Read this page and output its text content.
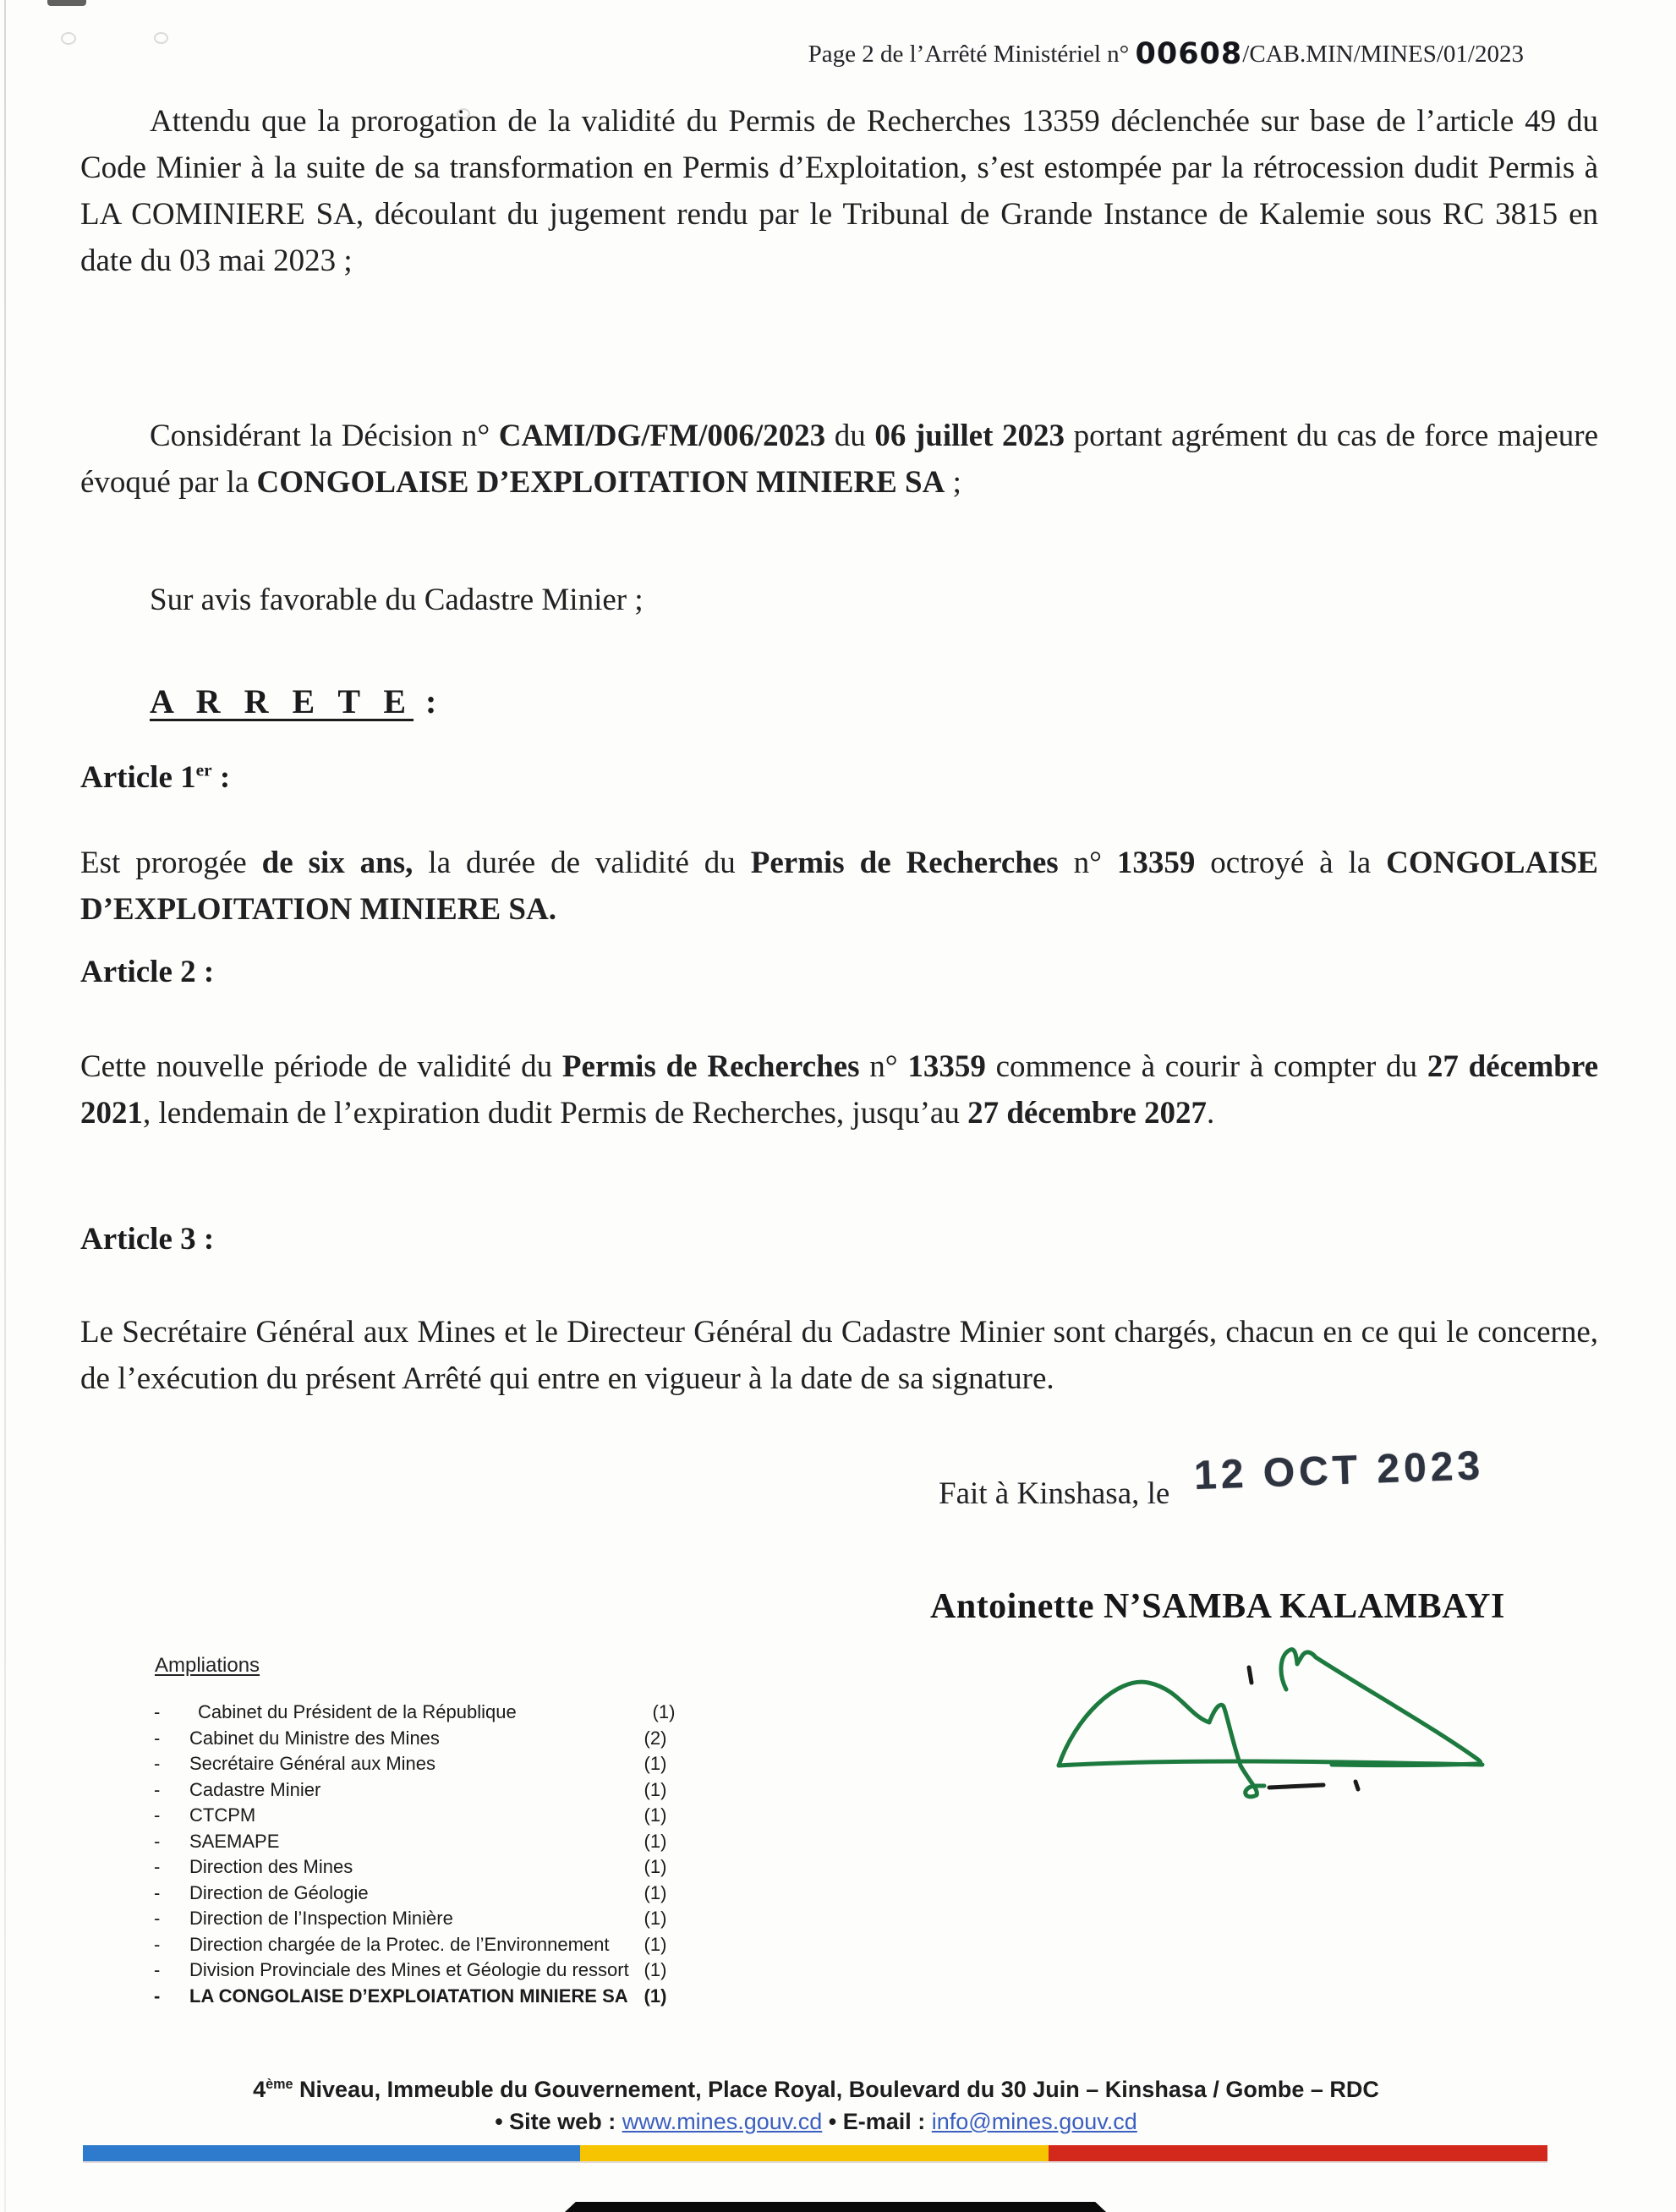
Page 2 de l’Arrêté Ministériel n° 00608/CAB.MIN/MINES/01/2023
Attendu que la prorogation de la validité du Permis de Recherches 13359 déclenchée sur base de l’article 49 du Code Minier à la suite de sa transformation en Permis d’Exploitation, s’est estompée par la rétrocession dudit Permis à LA COMINIERE SA, découlant du jugement rendu par le Tribunal de Grande Instance de Kalemie sous RC 3815 en date du 03 mai 2023 ;
Considérant la Décision n° CAMI/DG/FM/006/2023 du 06 juillet 2023 portant agrément du cas de force majeure évoqué par la CONGOLAISE D’EXPLOITATION MINIERE SA ;
Sur avis favorable du Cadastre Minier ;
A R R E T E :
Article 1er :
Est prorogée de six ans, la durée de validité du Permis de Recherches n° 13359 octroyé à la CONGOLAISE D’EXPLOITATION MINIERE SA.
Article 2 :
Cette nouvelle période de validité du Permis de Recherches n° 13359 commence à courir à compter du 27 décembre 2021, lendemain de l’expiration dudit Permis de Recherches, jusqu’au 27 décembre 2027.
Article 3 :
Le Secrétaire Général aux Mines et le Directeur Général du Cadastre Minier sont chargés, chacun en ce qui le concerne, de l’exécution du présent Arrêté qui entre en vigueur à la date de sa signature.
Fait à Kinshasa, le 12 OCT 2023
Antoinette N’SAMBA KALAMBAYI
Ampliations
-	Cabinet du Président de la République	(1)
-	Cabinet du Ministre des Mines	(2)
-	Secrétaire Général aux Mines	(1)
-	Cadastre Minier	(1)
-	CTCPM	(1)
-	SAEMAPE	(1)
-	Direction des Mines	(1)
-	Direction de Géologie	(1)
-	Direction de l’Inspection Minière	(1)
-	Direction chargée de la Protec. de l’Environnement	(1)
-	Division Provinciale des Mines et Géologie du ressort (1)
-	LA CONGOLAISE D’EXPLOIATATION MINIERE SA (1)
4ème Niveau, Immeuble du Gouvernement, Place Royal, Boulevard du 30 Juin – Kinshasa / Gombe – RDC
• Site web : www.mines.gouv.cd • E-mail : info@mines.gouv.cd
